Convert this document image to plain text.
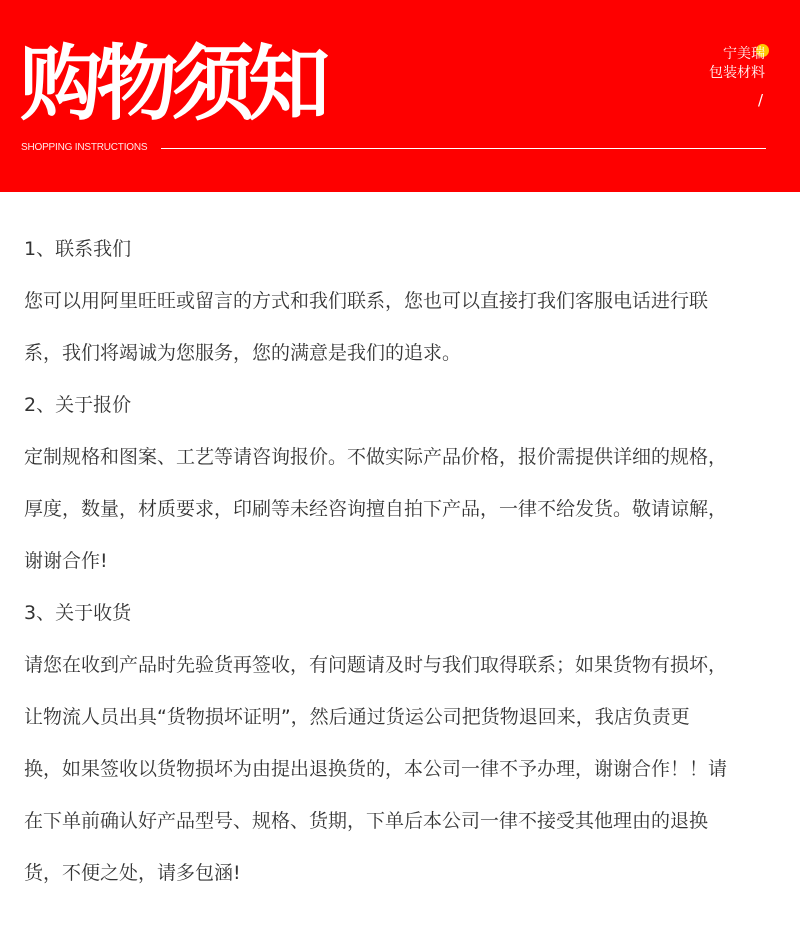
购物须知
SHOPPING INSTRUCTIONS
宁美瑞
包装材料
/
1、联系我们
您可以用阿里旺旺或留言的方式和我们联系，您也可以直接打我们客服电话进行联
系，我们将竭诚为您服务，您的满意是我们的追求。
2、关于报价
定制规格和图案、工艺等请咨询报价。不做实际产品价格，报价需提供详细的规格，
厚度，数量，材质要求，印刷等未经咨询擅自拍下产品，一律不给发货。敬请谅解，
谢谢合作!
3、关于收货
请您在收到产品时先验货再签收，有问题请及时与我们取得联系；如果货物有损坏，
让物流人员出具“货物损坏证明”，然后通过货运公司把货物退回来，我店负责更
换，如果签收以货物损坏为由提出退换货的，本公司一律不予办理，谢谢合作！！请
在下单前确认好产品型号、规格、货期，下单后本公司一律不接受其他理由的退换
货，不便之处，请多包涵!
